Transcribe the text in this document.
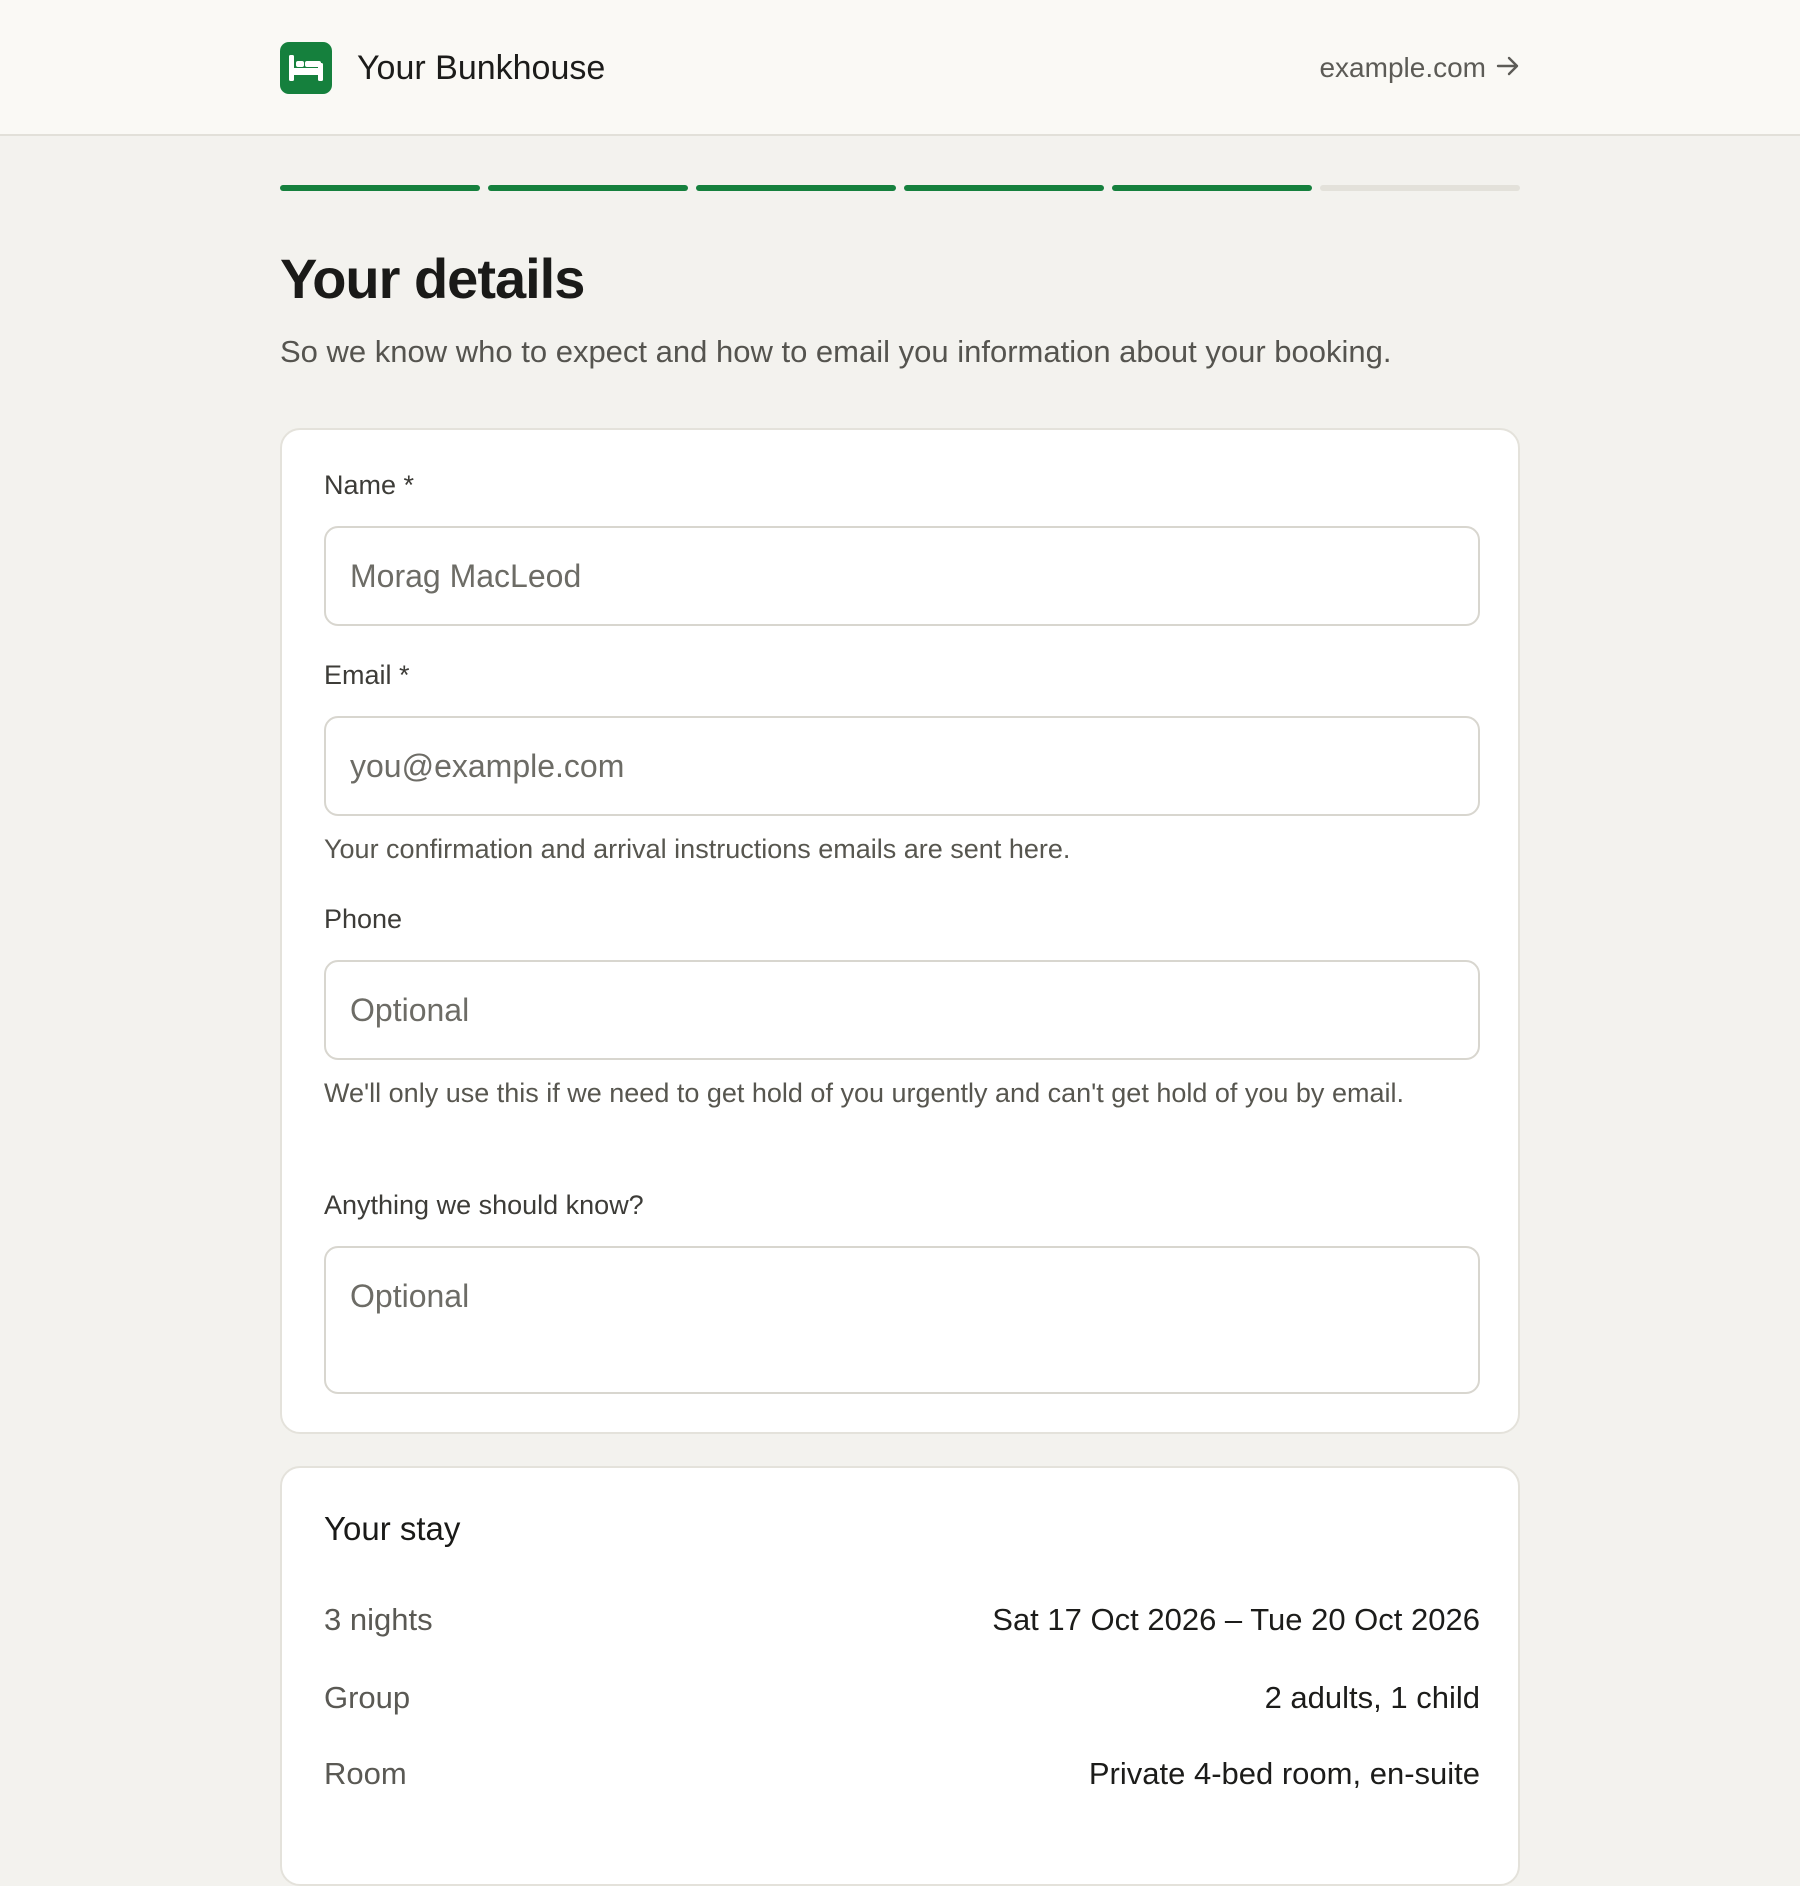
Your Bunkhouse	example.com
Your details

So we know who to expect and how to email you information about your booking.

Name *
Morag MacLeod
Email *
you@example.com
Your confirmation and arrival instructions emails are sent here.
Phone
Optional
We'll only use this if we need to get hold of you urgently and can't get hold of you by email.
Anything we should know?
Optional
Your stay
3 nights	Sat 17 Oct 2026 – Tue 20 Oct 2026
Group	2 adults, 1 child
Room	Private 4-bed room, en-suite
